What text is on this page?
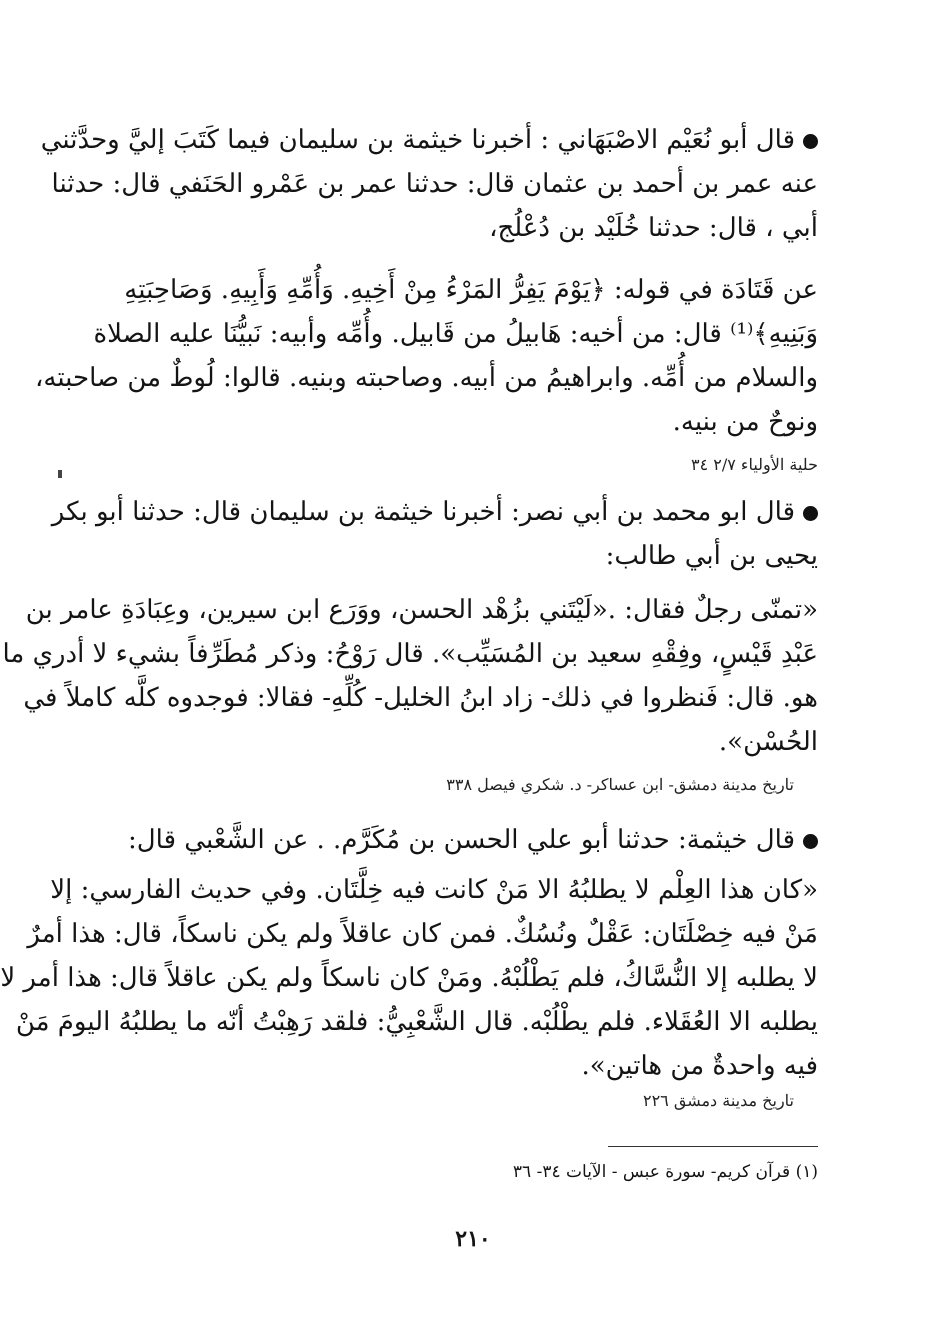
قال أبو نُعَيْم الاصْبَهَاني : أخبرنا خيثمة بن سليمان فيما كَتَبَ إليَّ وحدَّثني
عنه عمر بن أحمد بن عثمان قال: حدثنا عمر بن عَمْرو الحَنَفي قال: حدثنا
أبي ، قال: حدثنا خُلَيْد بن دُعْلُج،
عن قَتَادَة في قوله: ﴿يَوْمَ يَفِرُّ المَرْءُ مِنْ أَخِيهِ. وَأُمِّهِ وَأَبِيهِ. وَصَاحِبَتِهِ
وَبَنِيهِ﴾⁽¹⁾ قال: من أخيه: هَابيلُ من قَابيل. وأُمِّه وأبيه: نَبيُّنَا عليه الصلاة
والسلام من أُمِّه. وابراهيمُ من أبيه. وصاحبته وبنيه. قالوا: لُوطٌ من صاحبته،
ونوحٌ من بنيه.
حلية الأولياء ٢/٧ ٣٤
قال ابو محمد بن أبي نصر: أخبرنا خيثمة بن سليمان قال: حدثنا أبو بكر
يحيى بن أبي طالب:
«تمنّى رجلٌ فقال: .«لَيْتَني بزُهْد الحسن، ووَرَع ابن سيرين، وعِبَادَةِ عامر بن
عَبْدِ قَيْسٍ، وفِقْهِ سعيد بن المُسَيِّب». قال رَوْحُ: وذكر مُطَرِّفاً بشيء لا أدري ما
هو. قال: فَنظروا في ذلك- زاد ابنُ الخليل- كُلِّهِ- فقالا: فوجدوه كلَّه كاملاً في
الحُسْن».
تاريخ مدينة دمشق- ابن عساكر- د. شكري فيصل ٣٣٨
قال خيثمة: حدثنا أبو علي الحسن بن مُكَرَّم. . عن الشَّعْبي قال:
«كان هذا العِلْم لا يطلبُهُ الا مَنْ كانت فيه خِلَّتَان. وفي حديث الفارسي: إلا
مَنْ فيه خِصْلَتَان: عَقْلٌ ونُسُكٌ. فمن كان عاقلاً ولم يكن ناسكاً، قال: هذا أمرٌ
لا يطلبه إلا النُّسَّاكُ، فلم يَطْلُبْهُ. ومَنْ كان ناسكاً ولم يكن عاقلاً قال: هذا أمر لا
يطلبه الا العُقَلاء. فلم يطْلُبْه. قال الشَّعْبِيُّ: فلقد رَهِبْتُ أنّه ما يطلبُهُ اليومَ مَنْ
فيه واحدةٌ من هاتين».
تاريخ مدينة دمشق ٢٢٦
(١) قرآن كريم- سورة عبس - الآيات ٣٤- ٣٦
٢١٠
